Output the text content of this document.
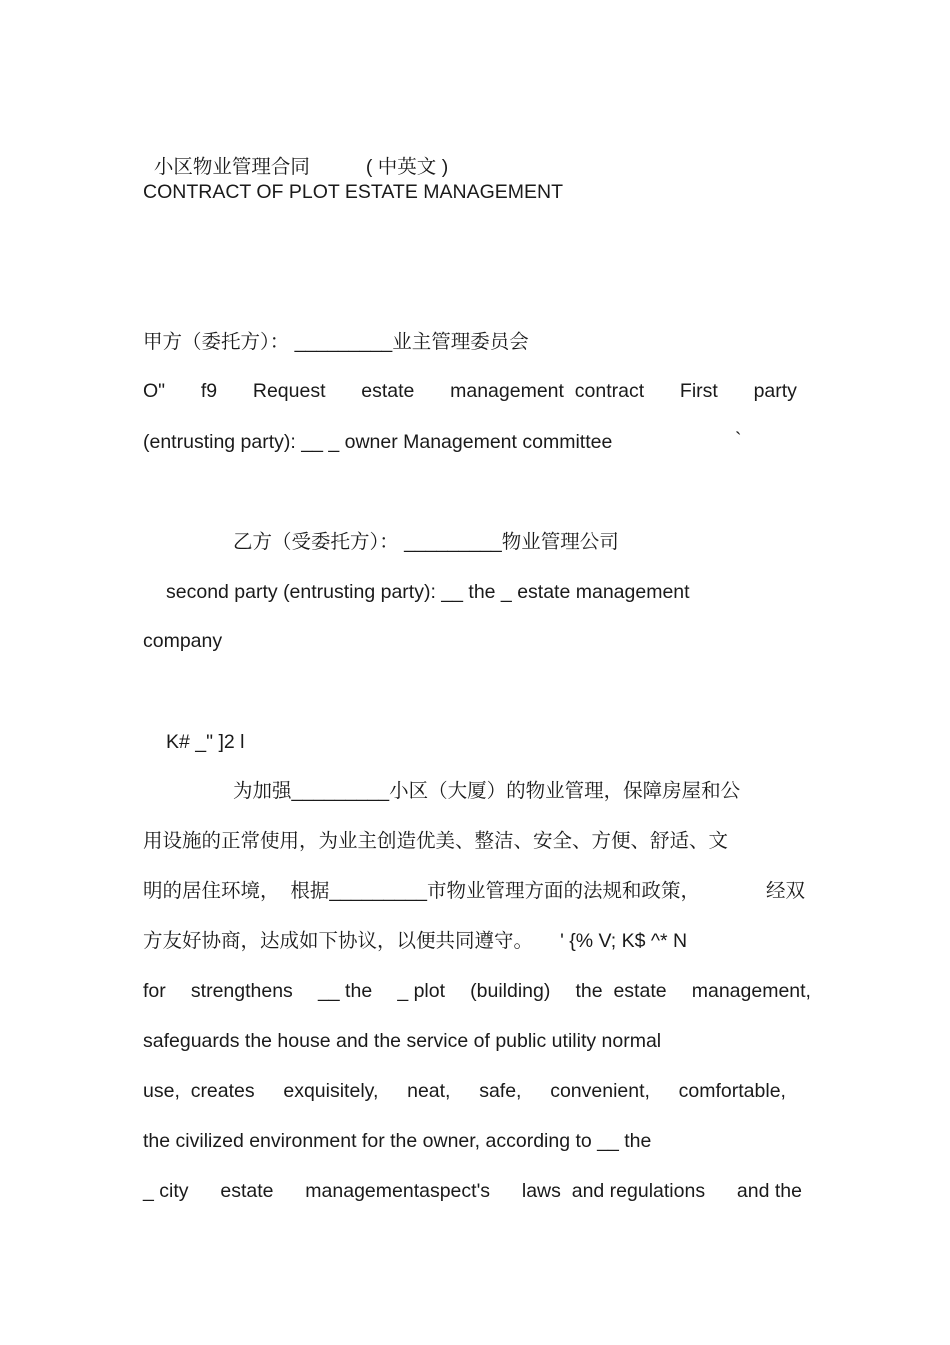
小区物业管理合同	( 中英文 )

CONTRACT OF PLOT ESTATE MANAGEMENT
甲方（委托方）： _________业主管理委员会
O" f9 Request estate management  contract First party
(entrusting party): __ _ owner Management committee	`
乙方（受委托方）： _________物业管理公司
second party (entrusting party): __ the _ estate management
company
K# _" ]2 l
为加强_________小区（大厦）的物业管理，保障房屋和公
用设施的正常使用，为业主创造优美、整洁、安全、方便、舒适、文
明的居住环境，  根据_________市物业管理方面的法规和政策，	经双
方友好协商，达成如下协议，以便共同遵守。     ' {% V; K$ ^* N
for strengthens __ the _ plot (building) the  estate management,
safeguards the house and the service of public utility normal
use,  creates exquisitely, neat, safe, convenient, comfortable,
the civilized environment for the owner, according to __ the
_ city estate managementaspect's laws  and regulations and the
